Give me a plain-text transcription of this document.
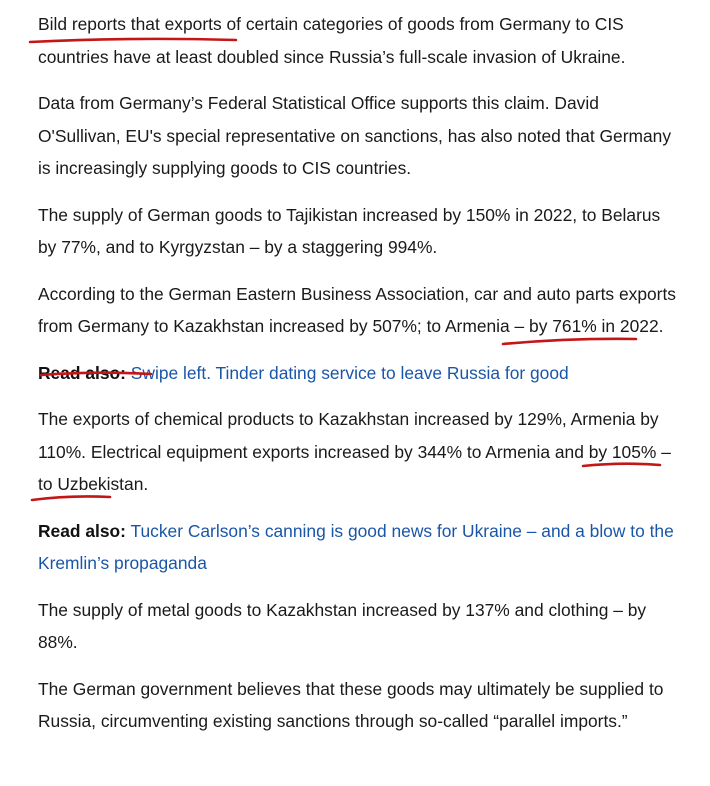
Bild reports that exports of certain categories of goods from Germany to CIS countries have at least doubled since Russia’s full-scale invasion of Ukraine.

Data from Germany’s Federal Statistical Office supports this claim. David O'Sullivan, EU's special representative on sanctions, has also noted that Germany is increasingly supplying goods to CIS countries.

The supply of German goods to Tajikistan increased by 150% in 2022, to Belarus by 77%, and to Kyrgyzstan – by a staggering 994%.

According to the German Eastern Business Association, car and auto parts exports from Germany to Kazakhstan increased by 507%; to Armenia – by 761% in 2022.

Read also: Swipe left. Tinder dating service to leave Russia for good

The exports of chemical products to Kazakhstan increased by 129%, Armenia by 110%. Electrical equipment exports increased by 344% to Armenia and by 105% – to Uzbekistan.

Read also: Tucker Carlson’s canning is good news for Ukraine – and a blow to the Kremlin’s propaganda

The supply of metal goods to Kazakhstan increased by 137% and clothing – by 88%.

The German government believes that these goods may ultimately be supplied to Russia, circumventing existing sanctions through so-called “parallel imports.”
